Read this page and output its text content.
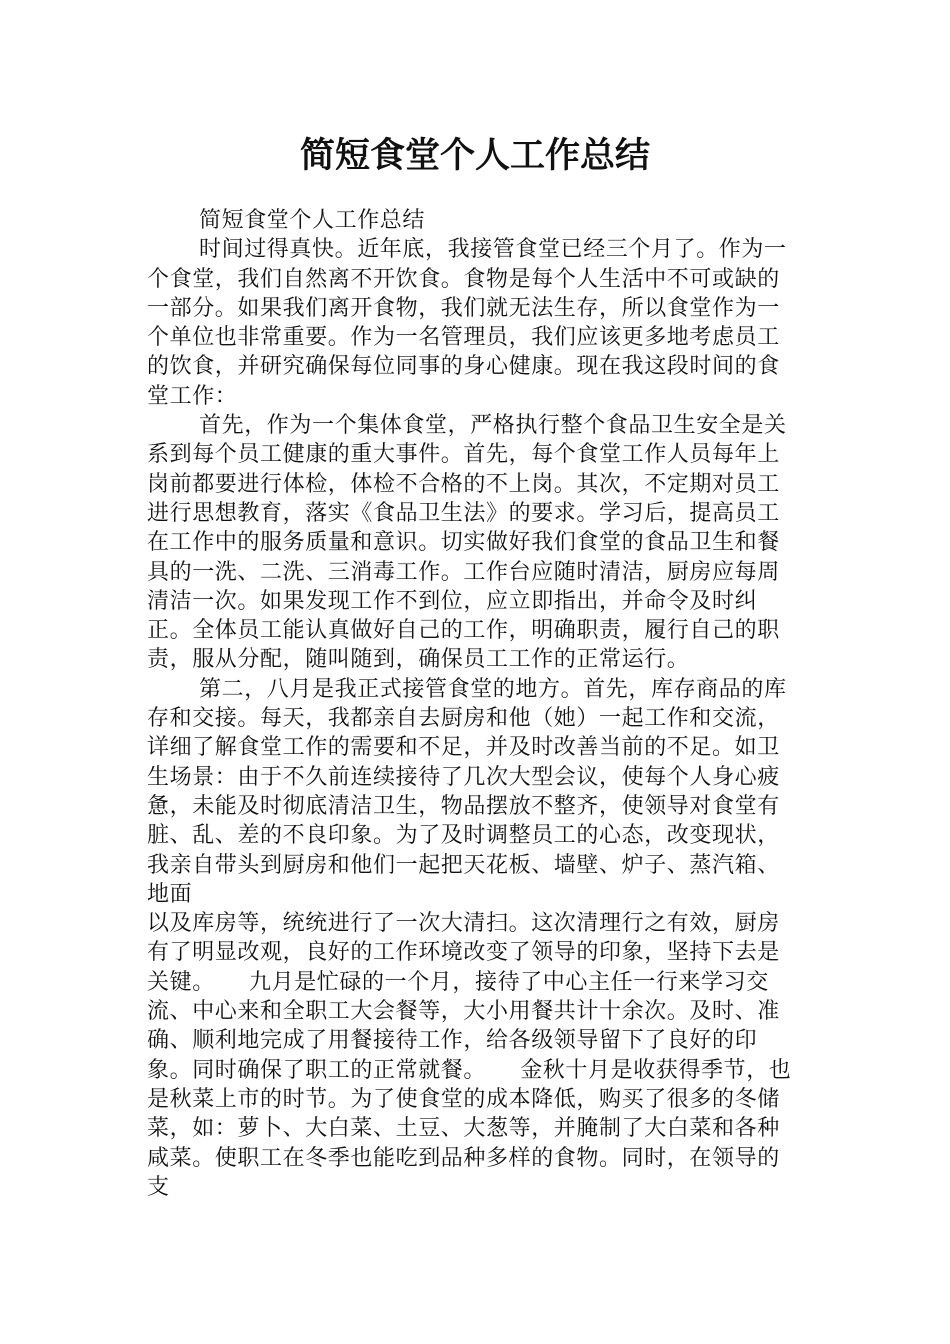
简短食堂个人工作总结

简短食堂个人工作总结

时间过得真快。近年底，我接管食堂已经三个月了。作为一个食堂，我们自然离不开饮食。食物是每个人生活中不可或缺的一部分。如果我们离开食物，我们就无法生存，所以食堂作为一个单位也非常重要。作为一名管理员，我们应该更多地考虑员工的饮食，并研究确保每位同事的身心健康。现在我这段时间的食堂工作：

首先，作为一个集体食堂，严格执行整个食品卫生安全是关系到每个员工健康的重大事件。首先，每个食堂工作人员每年上岗前都要进行体检，体检不合格的不上岗。其次，不定期对员工进行思想教育，落实《食品卫生法》的要求。学习后，提高员工在工作中的服务质量和意识。切实做好我们食堂的食品卫生和餐具的一洗、二洗、三消毒工作。工作台应随时清洁，厨房应每周清洁一次。如果发现工作不到位，应立即指出，并命令及时纠正。全体员工能认真做好自己的工作，明确职责，履行自己的职责，服从分配，随叫随到，确保员工工作的正常运行。

第二，八月是我正式接管食堂的地方。首先，库存商品的库存和交接。每天，我都亲自去厨房和他（她）一起工作和交流，详细了解食堂工作的需要和不足，并及时改善当前的不足。如卫生场景：由于不久前连续接待了几次大型会议，使每个人身心疲惫，未能及时彻底清洁卫生，物品摆放不整齐，使领导对食堂有脏、乱、差的不良印象。为了及时调整员工的心态，改变现状，我亲自带头到厨房和他们一起把天花板、墙壁、炉子、蒸汽箱、地面

以及库房等，统统进行了一次大清扫。这次清理行之有效，厨房有了明显改观，良好的工作环境改变了领导的印象，坚持下去是关键。　　九月是忙碌的一个月，接待了中心主任一行来学习交流、中心来和全职工大会餐等，大小用餐共计十余次。及时、准确、顺利地完成了用餐接待工作，给各级领导留下了良好的印象。同时确保了职工的正常就餐。　　金秋十月是收获得季节，也是秋菜上市的时节。为了使食堂的成本降低，购买了很多的冬储菜，如：萝卜、大白菜、土豆、大葱等，并腌制了大白菜和各种咸菜。使职工在冬季也能吃到品种多样的食物。同时，在领导的支
